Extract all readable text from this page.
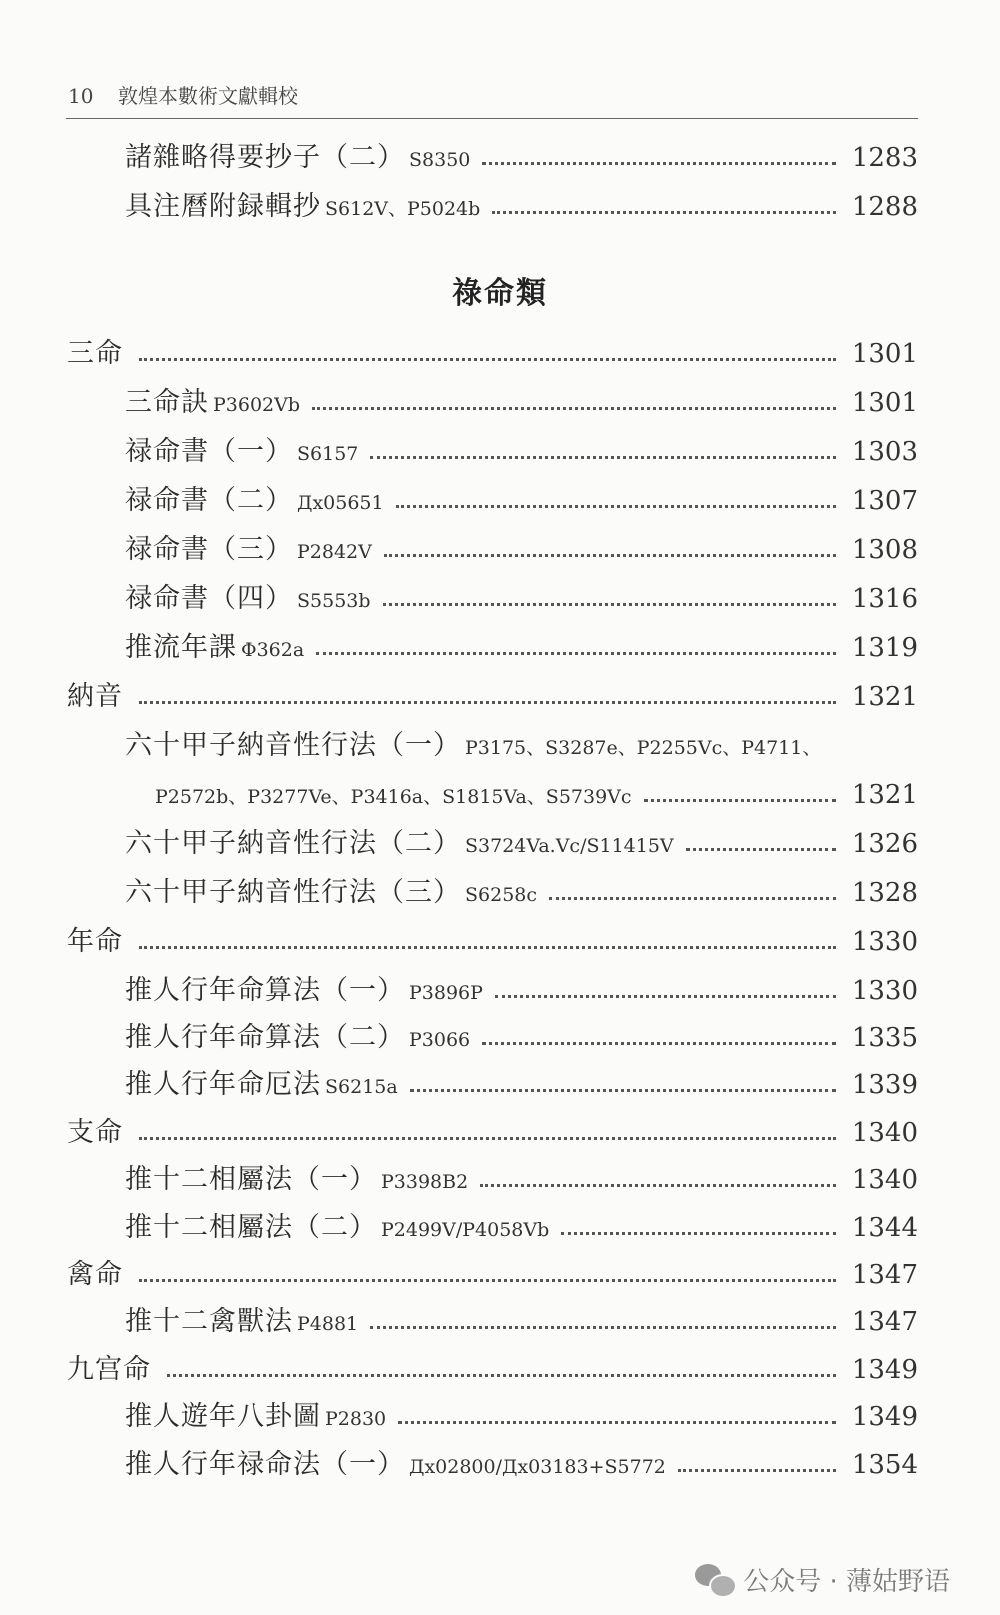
10 敦煌本數術文獻輯校
祿命類
諸雜略得要抄子（二） S8350	1283
具注曆附録輯抄 S612V、P5024b	1288
三命	1301
三命訣 P3602Vb	1301
禄命書（一） S6157	1303
禄命書（二） Дх05651	1307
禄命書（三） P2842V	1308
禄命書（四） S5553b	1316
推流年課 Φ362a	1319
納音	1321
六十甲子納音性行法（一） P3175、S3287e、P2255Vc、P4711、
P2572b、P3277Ve、P3416a、S1815Va、S5739Vc	1321
六十甲子納音性行法（二） S3724Va.Vc/S11415V	1326
六十甲子納音性行法（三） S6258c	1328
年命	1330
推人行年命算法（一） P3896P	1330
推人行年命算法（二） P3066	1335
推人行年命厄法 S6215a	1339
支命	1340
推十二相屬法（一） P3398B2	1340
推十二相屬法（二） P2499V/P4058Vb	1344
禽命	1347
推十二禽獸法 P4881	1347
九宫命	1349
推人遊年八卦圖 P2830	1349
推人行年禄命法（一） Дх02800/Дх03183+S5772	1354
公众号 · 薄姑野语
